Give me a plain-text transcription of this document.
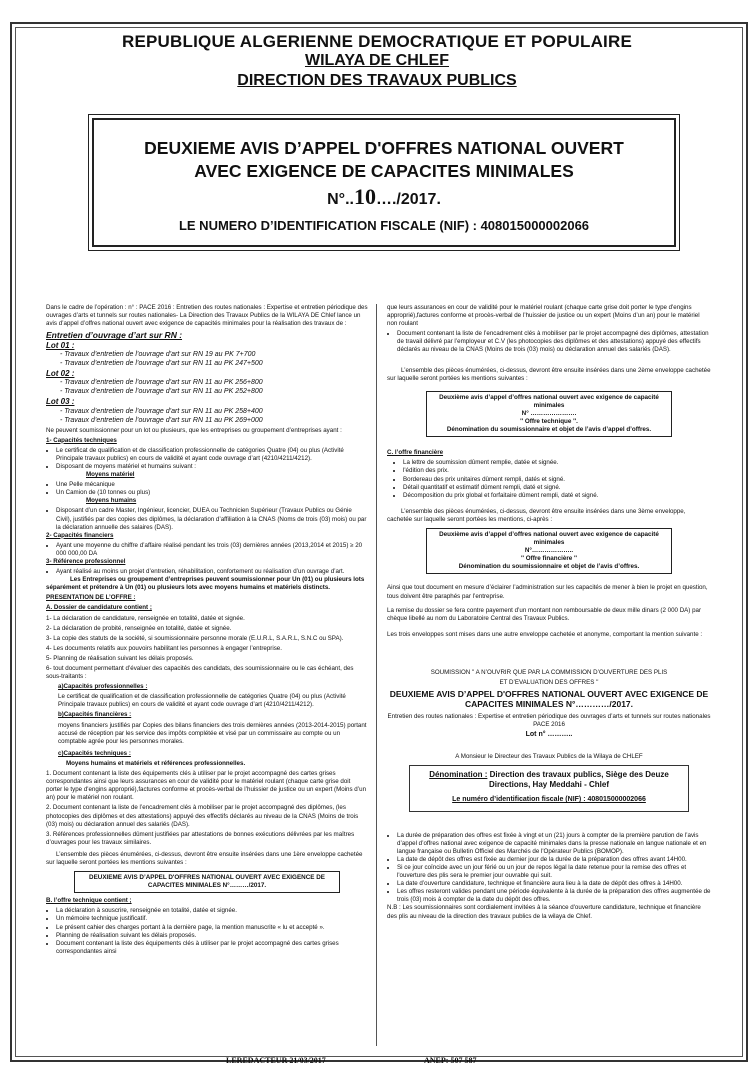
REPUBLIQUE ALGERIENNE DEMOCRATIQUE ET POPULAIRE
WILAYA DE CHLEF
DIRECTION DES TRAVAUX PUBLICS
DEUXIEME AVIS D’APPEL D'OFFRES NATIONAL OUVERT
AVEC EXIGENCE DE CAPACITES MINIMALES
N°..10…./2017.
LE NUMERO D’IDENTIFICATION FISCALE (NIF) : 408015000002066

Dans le cadre de l’opération : n° : PACE 2016 : Entretien des routes nationales : Expertise et entretien périodique des ouvrages d’arts et tunnels sur routes nationales- La Direction des Travaux Publics de la WILAYA DE Chlef lance un avis d’appel d’offres national ouvert avec exigence de capacités minimales pour la réalisation des travaux de :

Entretien d’ouvrage d’art sur RN :

Lot 01 :
- Travaux d’entretien de l’ouvrage d’art sur RN 19 au PK 7+700
- Travaux d’entretien de l’ouvrage d’art sur RN 11 au PK 247+500
Lot 02 :
- Travaux d’entretien de l’ouvrage d’art sur RN 11 au PK 256+800
- Travaux d’entretien de l’ouvrage d’art sur RN 11 au PK 252+800
Lot 03 :
- Travaux d’entretien de l’ouvrage d’art sur RN 11 au PK 258+400
- Travaux d’entretien de l’ouvrage d’art sur RN 11 au PK 269+000

Ne peuvent soumissionner pour un lot ou plusieurs, que les entreprises ou groupement d’entreprises ayant :

1- Capacités techniques

• Le certificat de qualification et de classification professionnelle de catégories Quatre (04) ou plus (Activité Principale travaux publics) en cours de validité et ayant code ouvrage d’art (4210/4211/4212).
• Disposant de moyens matériel et humains suivant :

Moyens matériel

• Une Pelle mécanique
• Un Camion de (10 tonnes ou plus)

Moyens humains

• Disposant d’un cadre Master, Ingénieur, licencier, DUEA ou Technicien Supérieur (Travaux Publics ou Génie Civil), justifiés par des copies des diplômes, la déclaration d’affiliation à la CNAS (Noms de trois (03) mois) ou par la déclaration annuelle des salaires (DAS).

2- Capacités financiers

• Ayant une moyenne du chiffre d’affaire réalisé pendant les trois (03) dernières années (2013,2014 et 2015) ≥ 20 000 000,00 DA

3- Référence professionnel

• Ayant réalisé au moins un projet d’entretien, réhabilitation, confortement ou réalisation d’un ouvrage d’art.

Les Entreprises ou groupement d’entreprises peuvent soumissionner pour Un (01) ou plusieurs lots séparément et prétendre à Un (01) ou plusieurs lots avec moyens humains et matériels distincts.

PRESENTATION DE L’OFFRE :

A. Dossier de candidature contient ;

1- La déclaration de candidature, renseignée en totalité, datée et signée.

2- La déclaration de probité, renseignée en totalité, datée et signée.

3- La copie des statuts de la société, si soumissionnaire personne morale (E.U.R.L, S.A.R.L, S.N.C ou SPA).

4- Les documents relatifs aux pouvoirs habilitant les personnes à engager l’entreprise.

5- Planning de réalisation suivant les délais proposés.

6- tout document permettant d’évaluer des capacités des candidats, des soumissionnaire ou le cas échéant, des sous-traitants :

a)Capacités professionnelles :

Le certificat de qualification et de classification professionnelle de catégories Quatre (04) ou plus (Activité Principale travaux publics) en cours de validité et ayant code ouvrage d’art (4210/4211/4212).

b)Capacités financières :

moyens financiers justifiés par Copies des bilans financiers des trois dernières années (2013-2014-2015) portant accusé de réception par les service des impôts complétée et visé par un commissaire au compte ou un comptable agrée pour les personnes morales.

c)Capacités techniques :

Moyens humains et matériels et références professionnelles.

1. Document contenant la liste des équipements clés à utiliser par le projet accompagné des cartes grises correspondantes ainsi que leurs assurances en cour de validité pour le matériel roulant (chaque carte grise doit porter le type d'engins approprié),factures conforme et procès-verbal de l’huissier de justice ou un expert (Moins d’un an) pour le matériel non roulant.

2. Document contenant la liste de l’encadrement clés à mobiliser par le projet accompagné des diplômes, (les photocopies des diplômes et des attestations) appuyé des effectifs déclarés au niveau de la CNAS (Moins de trois (03) mois) ou déclaration annuel des salariés (DAS).

3. Références professionnelles dûment justifiées par attestations de bonnes exécutions délivrées par les maîtres d’ouvrages pour les travaux similaires.

L’ensemble des pièces énumérées, ci-dessus, devront être ensuite insérées dans une 1ère enveloppe cachetée sur laquelle seront portées les mentions suivantes :

DEUXIEME AVIS D’APPEL D'OFFRES NATIONAL OUVERT AVEC EXIGENCE DE CAPACITES MINIMALES N°………/2017.

B. l’offre technique contient ;

• La déclaration à souscrire, renseignée en totalité, datée et signée.
• Un mémoire technique justificatif.
• Le présent cahier des charges portant à la dernière page, la mention manuscrite « lu et accepté ».
• Planning de réalisation suivant les délais proposés.
• Document contenant la liste des équipements clés à utiliser par le projet accompagné des cartes grises correspondantes ainsi

que leurs assurances en cour de validité pour le matériel roulant (chaque carte grise doit porter le type d'engins approprié),factures conforme et procès-verbal de l’huissier de justice ou un expert (Moins d’un an) pour le matériel non roulant

• Document contenant la liste de l’encadrement clés à mobiliser par le projet accompagné des diplômes, attestation de travail délivré par l’employeur et C.V (les photocopies des diplômes et des attestations) appuyé des effectifs déclarés au niveau de la CNAS (Moins de trois (03) mois) ou déclaration annuel des salariés (DAS).

L’ensemble des pièces énumérées, ci-dessus, devront être ensuite insérées dans une 2ème enveloppe cachetée sur laquelle seront portées les mentions suivantes :

Deuxième avis d’appel d’offres national ouvert avec exigence de capacité minimales
N° ………………….
'' Offre technique ''.
Dénomination du soumissionnaire et objet de l’avis d’appel d’offres.

C. l’offre financière

• La lettre de soumission dûment remplie, datée et signée.
• l'édition des prix.
• Bordereau des prix unitaires dûment rempli, datés et signé.
• Détail quantitatif et estimatif dûment rempli, daté et signé.
• Décomposition du prix global et forfaitaire dûment rempli, daté et signé.

L’ensemble des pièces énumérées, ci-dessus, devront être ensuite insérées dans une 3ème enveloppe, cachetée sur laquelle seront portées les mentions, ci-après :

Deuxième avis d’appel d’offres national ouvert avec exigence de capacité minimales
N°………………..
'' Offre financière ''
Dénomination du soumissionnaire et objet de l’avis d’offres.

Ainsi que tout document en mesure d’éclairer l’administration sur les capacités de mener à bien le projet en question, tous doivent être paraphés par l’entreprise.

La remise du dossier se fera contre payement d’un montant non remboursable de deux mille dinars (2 000 DA) par chèque libellé au nom du Laboratoire Central des Travaux Publics.

Les trois enveloppes sont mises dans une autre enveloppe cachetée et anonyme, comportant la mention suivante :

SOUMISSION '' A N’OUVRIR QUE PAR LA COMMISSION D’OUVERTURE DES PLIS

ET D’EVALUATION DES OFFRES ''

DEUXIEME AVIS D’APPEL D'OFFRES NATIONAL OUVERT AVEC EXIGENCE DE CAPACITES MINIMALES N°…………/2017.

Entretien des routes nationales : Expertise et entretien périodique des ouvrages d’arts et tunnels sur routes nationales PACE 2016

Lot n° ………..

A Monsieur le Directeur des Travaux Publics de la Wilaya de CHLEF

Dénomination : Direction des travaux publics, Siège des Deuze Directions, Hay Meddahi - Chlef

Le numéro d’identification fiscale (NIF) : 408015000002066

• La durée de préparation des offres est fixée à vingt et un (21) jours à compter de la première parution de l’avis d’appel d’offres national avec exigence de capacité minimales dans la presse nationale en langue nationale et en langue française ou Bulletin Officiel des Marchés de l'Opérateur Publics (BOMOP).
• La date de dépôt des offres est fixée au dernier jour de la durée de la préparation des offres avant 14H00.
• Si ce jour coïncide avec un jour férié ou un jour de repos légal la date retenue pour la remise des offres et l'ouverture des plis sera le premier jour ouvrable qui suit.
• La date d’ouverture candidature, technique et financière aura lieu à la date de dépôt des offres à 14H00.
• Les offres resteront valides pendant une période équivalente à la durée de la préparation des offres augmentée de trois (03) mois à compter de la date du dépôt des offres.

N.B : Les soumissionnaires sont cordialement invitées à la séance d'ouverture candidature, technique et financière des plis au niveau de la direction des travaux publics de la wilaya de Chlef.

LEREDACTEUR 21/03/2017	ANEP: 507 587
